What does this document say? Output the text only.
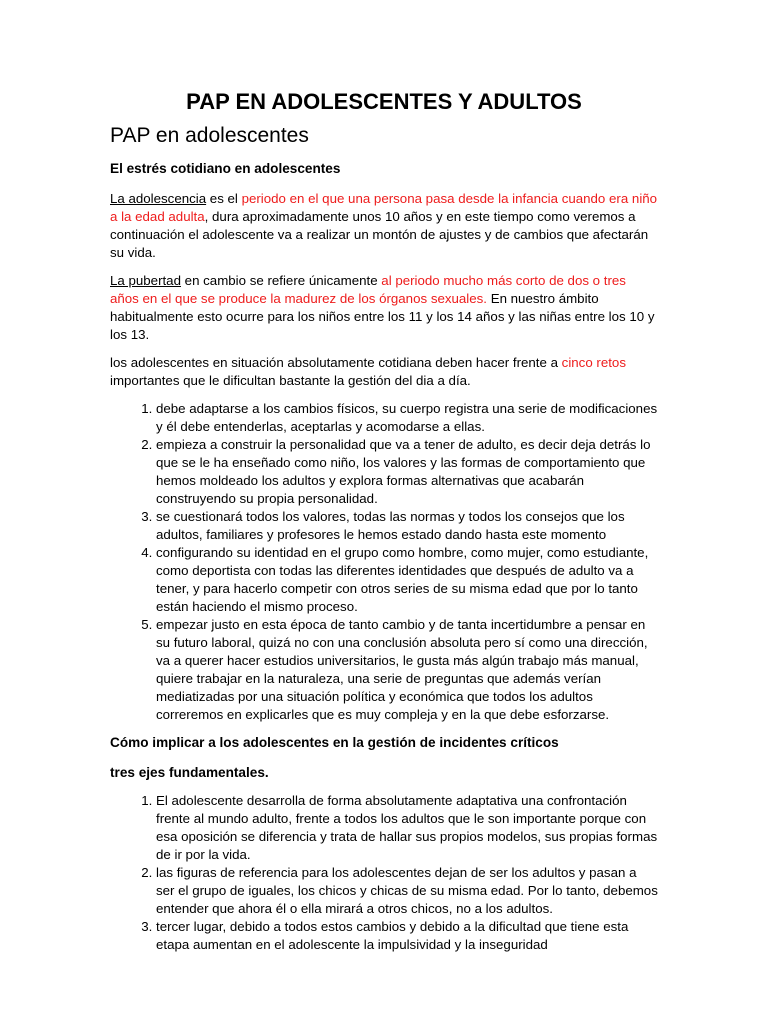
PAP EN ADOLESCENTES Y ADULTOS
PAP en adolescentes
El estrés cotidiano en adolescentes

La adolescencia es el periodo en el que una persona pasa desde la infancia cuando era niño a la edad adulta, dura aproximadamente unos 10 años y en este tiempo como veremos a continuación el adolescente va a realizar un montón de ajustes y de cambios que afectarán su vida.

La pubertad en cambio se refiere únicamente al periodo mucho más corto de dos o tres años en el que se produce la madurez de los órganos sexuales. En nuestro ámbito habitualmente esto ocurre para los niños entre los 11 y los 14 años y las niñas entre los 10 y los 13.

los adolescentes en situación absolutamente cotidiana deben hacer frente a cinco retos importantes que le dificultan bastante la gestión del dia a día.

1. debe adaptarse a los cambios físicos, su cuerpo registra una serie de modificaciones y él debe entenderlas, aceptarlas y acomodarse a ellas.
2. empieza a construir la personalidad que va a tener de adulto, es decir deja detrás lo que se le ha enseñado como niño, los valores y las formas de comportamiento que hemos moldeado los adultos y explora formas alternativas que acabarán construyendo su propia personalidad.
3. se cuestionará todos los valores, todas las normas y todos los consejos que los adultos, familiares y profesores le hemos estado dando hasta este momento
4. configurando su identidad en el grupo como hombre, como mujer, como estudiante, como deportista con todas las diferentes identidades que después de adulto va a tener, y para hacerlo competir con otros series de su misma edad que por lo tanto están haciendo el mismo proceso.
5. empezar justo en esta época de tanto cambio y de tanta incertidumbre a pensar en su futuro laboral, quizá no con una conclusión absoluta pero sí como una dirección, va a querer hacer estudios universitarios, le gusta más algún trabajo más manual, quiere trabajar en la naturaleza, una serie de preguntas que además verían mediatizadas por una situación política y económica que todos los adultos correremos en explicarles que es muy compleja y en la que debe esforzarse.
Cómo implicar a los adolescentes en la gestión de incidentes críticos
tres ejes fundamentales.
1. El adolescente desarrolla de forma absolutamente adaptativa una confrontación frente al mundo adulto, frente a todos los adultos que le son importante porque con esa oposición se diferencia y trata de hallar sus propios modelos, sus propias formas de ir por la vida.
2. las figuras de referencia para los adolescentes dejan de ser los adultos y pasan a ser el grupo de iguales, los chicos y chicas de su misma edad. Por lo tanto, debemos entender que ahora él o ella mirará a otros chicos, no a los adultos.
3. tercer lugar, debido a todos estos cambios y debido a la dificultad que tiene esta etapa aumentan en el adolescente la impulsividad y la inseguridad
